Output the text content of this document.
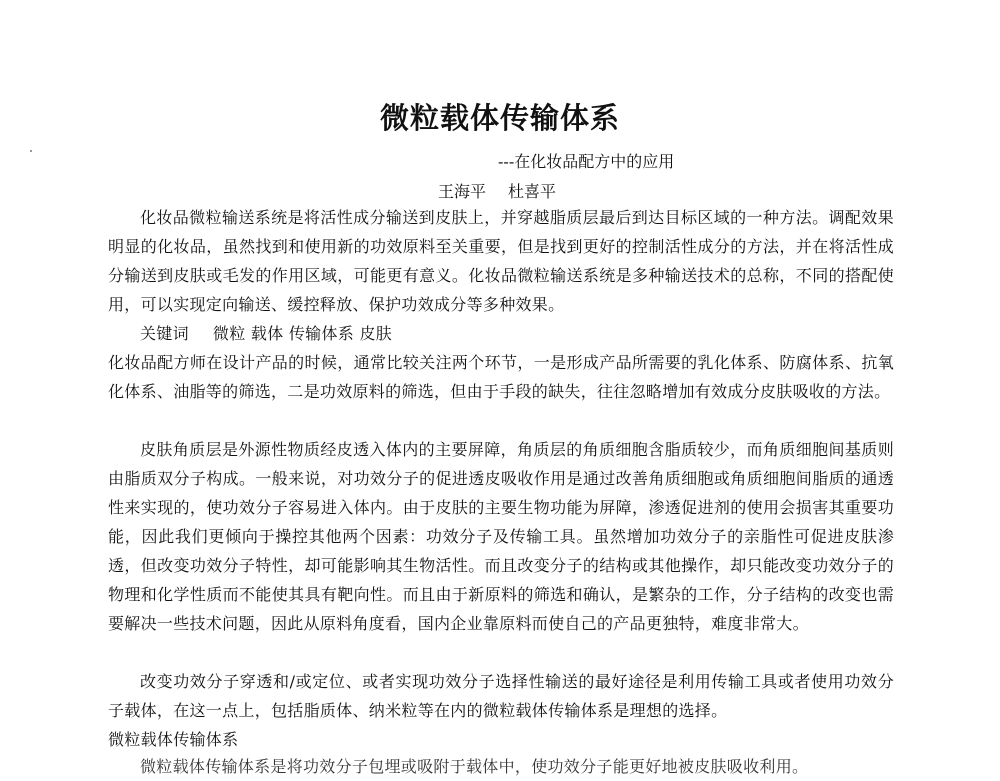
微粒载体传输体系
---在化妆品配方中的应用
王海平 杜喜平
化妆品微粒输送系统是将活性成分输送到皮肤上，并穿越脂质层最后到达目标区域的一种方法。调配效果明显的化妆品，虽然找到和使用新的功效原料至关重要，但是找到更好的控制活性成分的方法，并在将活性成分输送到皮肤或毛发的作用区域，可能更有意义。化妆品微粒输送系统是多种输送技术的总称，不同的搭配使用，可以实现定向输送、缓控释放、保护功效成分等多种效果。
关键词 微粒 载体 传输体系 皮肤
化妆品配方师在设计产品的时候，通常比较关注两个环节，一是形成产品所需要的乳化体系、防腐体系、抗氧化体系、油脂等的筛选，二是功效原料的筛选，但由于手段的缺失，往往忽略增加有效成分皮肤吸收的方法。
皮肤角质层是外源性物质经皮透入体内的主要屏障，角质层的角质细胞含脂质较少，而角质细胞间基质则由脂质双分子构成。一般来说，对功效分子的促进透皮吸收作用是通过改善角质细胞或角质细胞间脂质的通透性来实现的，使功效分子容易进入体内。由于皮肤的主要生物功能为屏障，渗透促进剂的使用会损害其重要功能，因此我们更倾向于操控其他两个因素：功效分子及传输工具。虽然增加功效分子的亲脂性可促进皮肤渗透，但改变功效分子特性，却可能影响其生物活性。而且改变分子的结构或其他操作，却只能改变功效分子的物理和化学性质而不能使其具有靶向性。而且由于新原料的筛选和确认，是繁杂的工作，分子结构的改变也需要解决一些技术问题，因此从原料角度看，国内企业靠原料而使自己的产品更独特，难度非常大。
改变功效分子穿透和/或定位、或者实现功效分子选择性输送的最好途径是利用传输工具或者使用功效分子载体，在这一点上，包括脂质体、纳米粒等在内的微粒载体传输体系是理想的选择。
微粒载体传输体系
微粒载体传输体系是将功效分子包埋或吸附于载体中，使功效分子能更好地被皮肤吸收利用。
